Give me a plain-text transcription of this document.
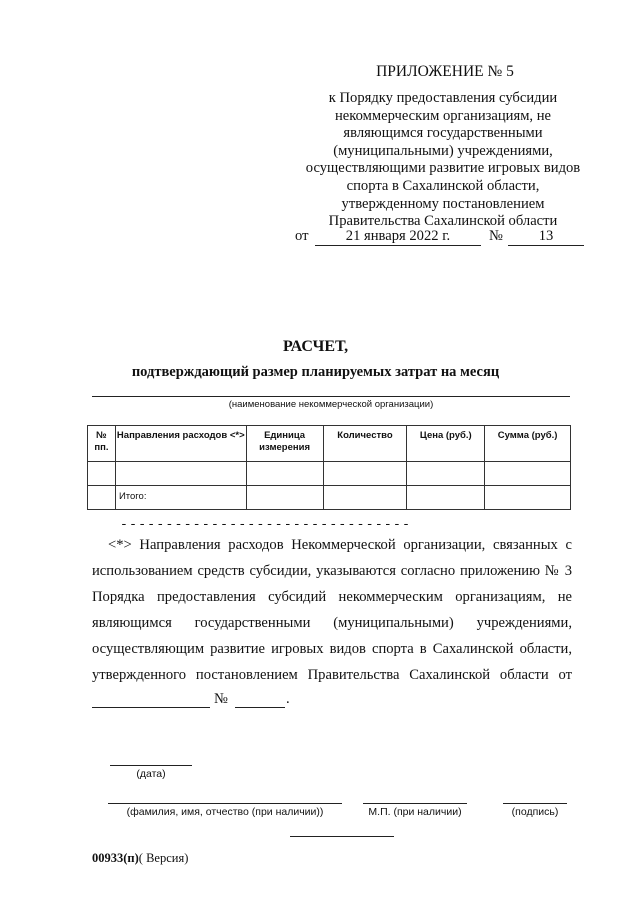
ПРИЛОЖЕНИЕ № 5
к Порядку предоставления субсидии
некоммерческим организациям, не
являющимся государственными
(муниципальными) учреждениями,
осуществляющими развитие игровых видов
спорта в Сахалинской области,
утвержденному постановлением
Правительства Сахалинской области
от	21 января 2022 г.	№	13
РАСЧЕТ,
подтверждающий размер планируемых затрат на месяц
(наименование некоммерческой организации)
№ пп.	Направления расходов <*>	Единица измерения	Количество	Цена (руб.)	Сумма (руб.)

	Итого:				
--------------------------------

<*> Направления расходов Некоммерческой организации, связанных с использованием средств субсидии, указываются согласно приложению № 3 Порядка предоставления субсидий некоммерческим организациям, не являющимся государственными (муниципальными) учреждениями, осуществляющим развитие игровых видов спорта в Сахалинской области, утвержденного постановлением Правительства Сахалинской области от

№	.
(дата)
(фамилия, имя, отчество (при наличии))	М.П. (при наличии)	(подпись)
00933(п)( Версия)
